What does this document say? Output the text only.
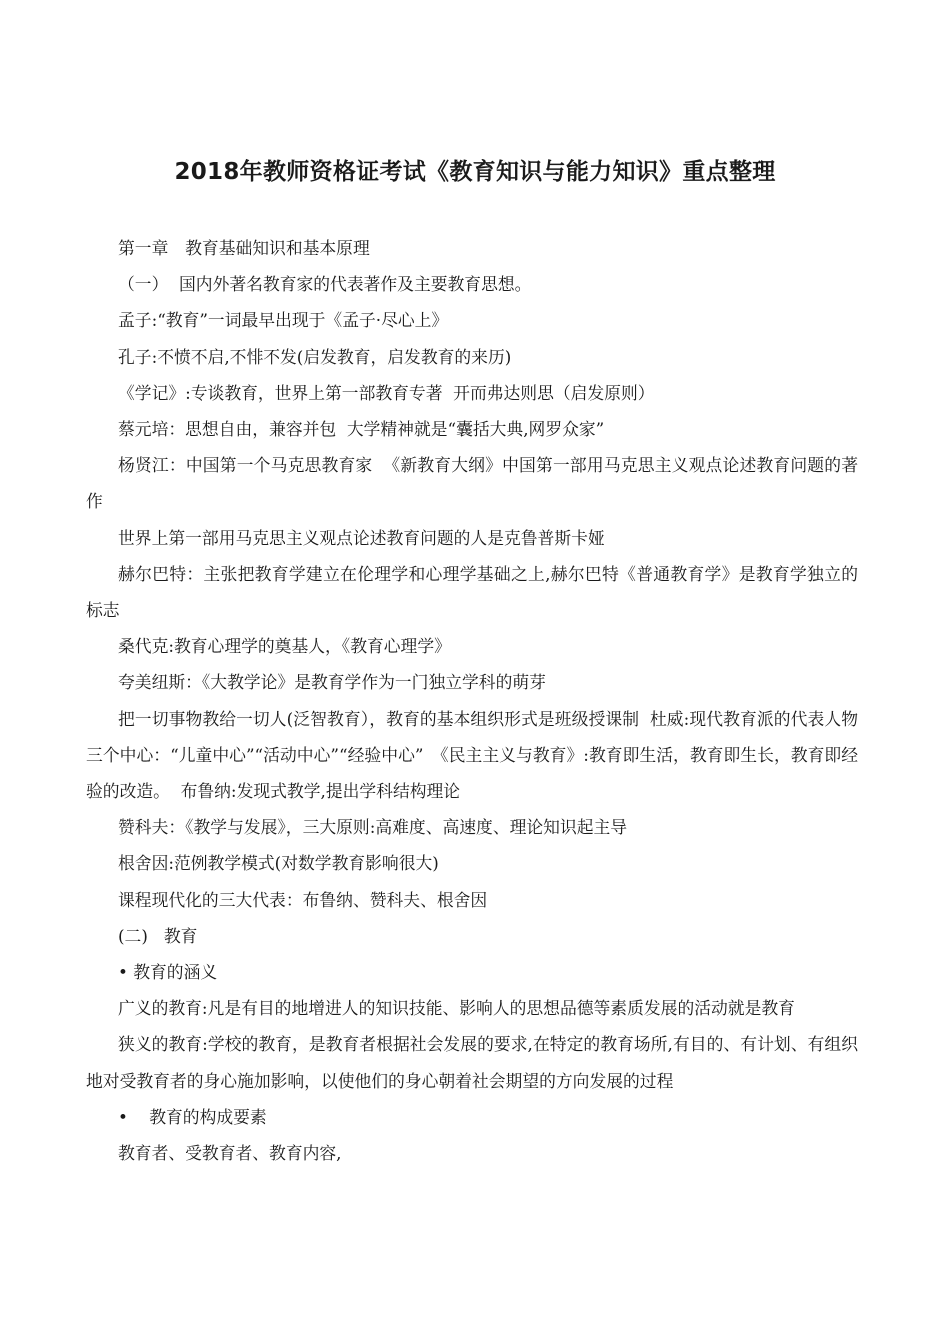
2018年教师资格证考试《教育知识与能力知识》重点整理

第一章　教育基础知识和基本原理

（一）  国内外著名教育家的代表著作及主要教育思想。

孟子:“教育”一词最早出现于《孟子·尽心上》

孔子:不愤不启,不悱不发(启发教育，启发教育的来历)

《学记》:专谈教育，世界上第一部教育专著  开而弗达则思（启发原则）

蔡元培：思想自由，兼容并包  大学精神就是“囊括大典,网罗众家”

杨贤江：中国第一个马克思教育家  《新教育大纲》中国第一部用马克思主义观点论述教育问题的著作

世界上第一部用马克思主义观点论述教育问题的人是克鲁普斯卡娅

赫尔巴特：主张把教育学建立在伦理学和心理学基础之上,赫尔巴特《普通教育学》是教育学独立的标志

桑代克:教育心理学的奠基人，《教育心理学》

夸美纽斯：《大教学论》是教育学作为一门独立学科的萌芽

把一切事物教给一切人(泛智教育），教育的基本组织形式是班级授课制  杜威:现代教育派的代表人物  三个中心：“儿童中心”“活动中心”“经验中心”　《民主主义与教育》:教育即生活，教育即生长，教育即经验的改造。  布鲁纳:发现式教学,提出学科结构理论

赞科夫：《教学与发展》，三大原则:高难度、高速度、理论知识起主导

根舍因:范例教学模式(对数学教育影响很大)

课程现代化的三大代表：布鲁纳、赞科夫、根舍因

(二)   教育

• 教育的涵义

广义的教育:凡是有目的地增进人的知识技能、影响人的思想品德等素质发展的活动就是教育

狭义的教育:学校的教育，是教育者根据社会发展的要求,在特定的教育场所,有目的、有计划、有组织地对受教育者的身心施加影响，以使他们的身心朝着社会期望的方向发展的过程

•    教育的构成要素

教育者、受教育者、教育内容,
